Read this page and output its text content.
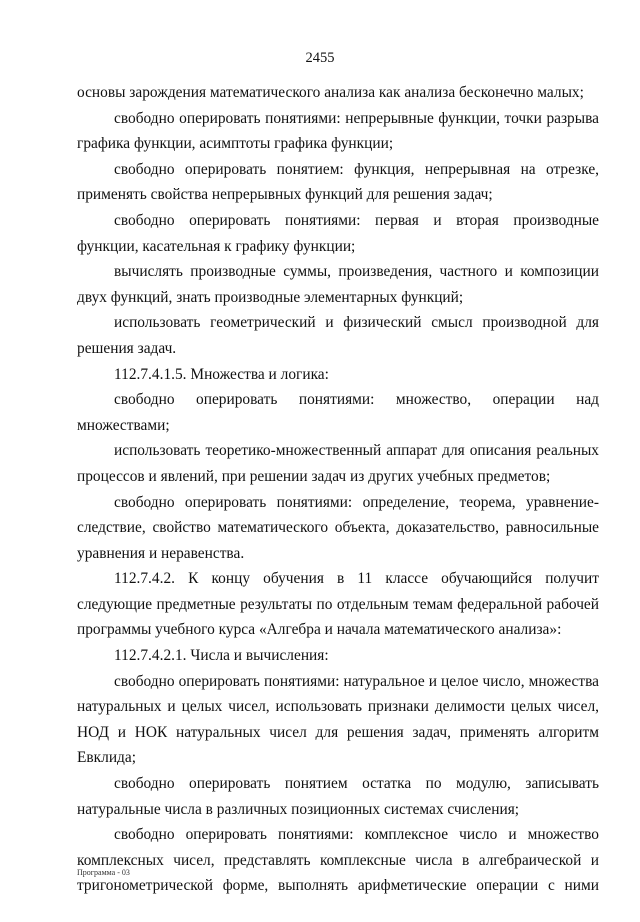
2455

основы зарождения математического анализа как анализа бесконечно малых;

свободно оперировать понятиями: непрерывные функции, точки разрыва графика функции, асимптоты графика функции;

свободно оперировать понятием: функция, непрерывная на отрезке, применять свойства непрерывных функций для решения задач;

свободно оперировать понятиями: первая и вторая производные функции, касательная к графику функции;

вычислять производные суммы, произведения, частного и композиции двух функций, знать производные элементарных функций;

использовать геометрический и физический смысл производной для решения задач.

112.7.4.1.5. Множества и логика:

свободно оперировать понятиями: множество, операции над множествами;

использовать теоретико-множественный аппарат для описания реальных процессов и явлений, при решении задач из других учебных предметов;

свободно оперировать понятиями: определение, теорема, уравнение-следствие, свойство математического объекта, доказательство, равносильные уравнения и неравенства.

112.7.4.2. К концу обучения в 11 классе обучающийся получит следующие предметные результаты по отдельным темам федеральной рабочей программы учебного курса «Алгебра и начала математического анализа»:

112.7.4.2.1. Числа и вычисления:

свободно оперировать понятиями: натуральное и целое число, множества натуральных и целых чисел, использовать признаки делимости целых чисел, НОД и НОК натуральных чисел для решения задач, применять алгоритм Евклида;

свободно оперировать понятием остатка по модулю, записывать натуральные числа в различных позиционных системах счисления;

свободно оперировать понятиями: комплексное число и множество комплексных чисел, представлять комплексные числа в алгебраической и тригонометрической форме, выполнять арифметические операции с ними

Программа - 03
